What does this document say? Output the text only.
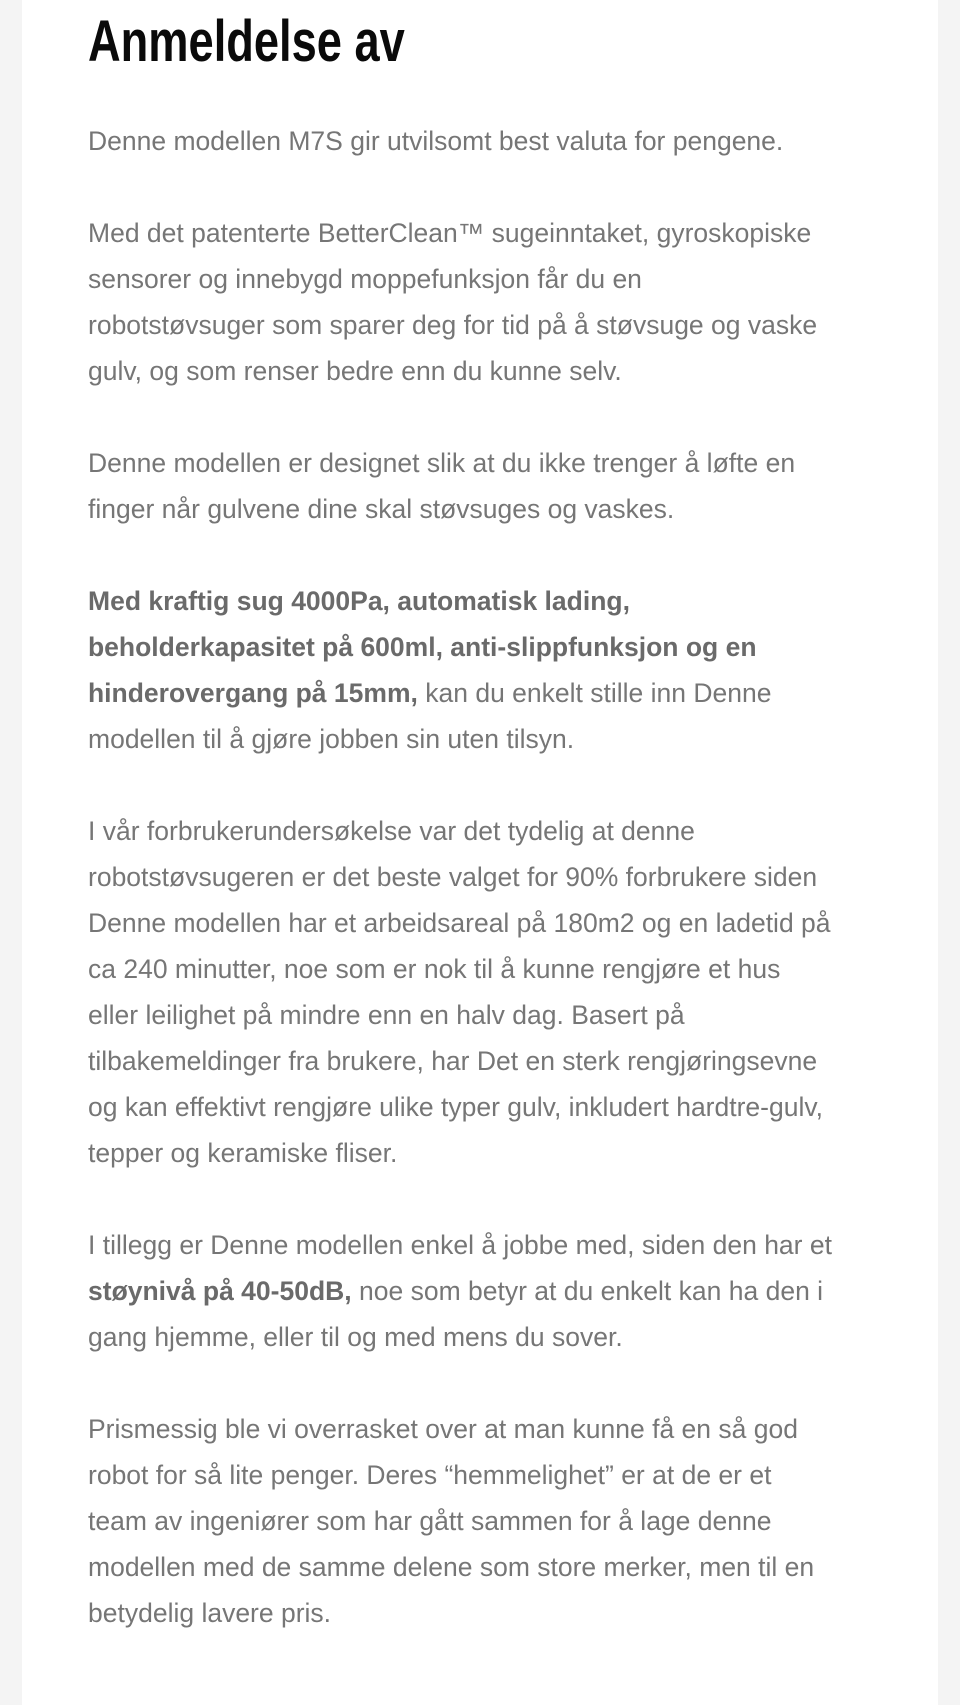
Anmeldelse av

Denne modellen M7S gir utvilsomt best valuta for pengene.

Med det patenterte BetterClean™ sugeinntaket, gyroskopiske
sensorer og innebygd moppefunksjon får du en
robotstøvsuger som sparer deg for tid på å støvsuge og vaske
gulv, og som renser bedre enn du kunne selv.

Denne modellen er designet slik at du ikke trenger å løfte en
finger når gulvene dine skal støvsuges og vaskes.

Med kraftig sug 4000Pa, automatisk lading,
beholderkapasitet på 600ml, anti-slippfunksjon og en
hinderovergang på 15mm, kan du enkelt stille inn Denne
modellen til å gjøre jobben sin uten tilsyn.

I vår forbrukerundersøkelse var det tydelig at denne
robotstøvsugeren er det beste valget for 90% forbrukere siden
Denne modellen har et arbeidsareal på 180m2 og en ladetid på
ca 240 minutter, noe som er nok til å kunne rengjøre et hus
eller leilighet på mindre enn en halv dag. Basert på
tilbakemeldinger fra brukere, har Det en sterk rengjøringsevne
og kan effektivt rengjøre ulike typer gulv, inkludert hardtre-gulv,
tepper og keramiske fliser.

I tillegg er Denne modellen enkel å jobbe med, siden den har et
støynivå på 40-50dB, noe som betyr at du enkelt kan ha den i
gang hjemme, eller til og med mens du sover.

Prismessig ble vi overrasket over at man kunne få en så god
robot for så lite penger. Deres “hemmelighet” er at de er et
team av ingeniører som har gått sammen for å lage denne
modellen med de samme delene som store merker, men til en
betydelig lavere pris.
